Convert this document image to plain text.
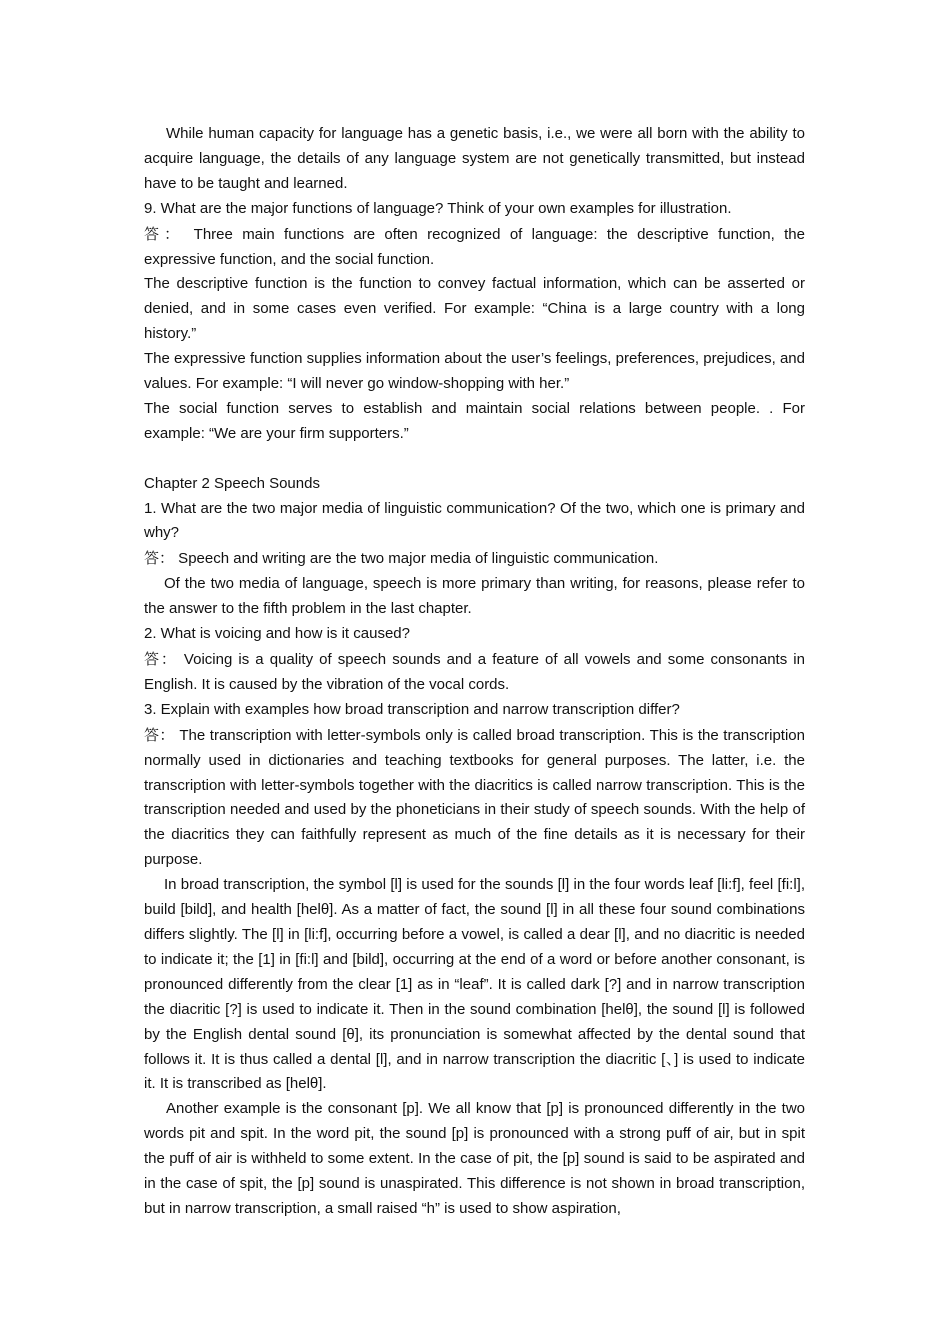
While human capacity for language has a genetic basis, i.e., we were all born with the ability to acquire language, the details of any language system are not genetically transmitted, but instead have to be taught and learned.

9. What are the major functions of language? Think of your own examples for illustration.

答： Three main functions are often recognized of language: the descriptive function, the expressive function, and the social function.

The descriptive function is the function to convey factual information, which can be asserted or denied, and in some cases even verified. For example: “China is a large country with a long history.”

The expressive function supplies information about the user’s feelings, preferences, prejudices, and values. For example: “I will never go window-shopping with her.”

The social function serves to establish and maintain social relations between people. . For example: “We are your firm supporters.”

Chapter 2 Speech Sounds

1. What are the two major media of linguistic communication? Of the two, which one is primary and why?

答： Speech and writing are the two major media of linguistic communication.

Of the two media of language, speech is more primary than writing, for reasons, please refer to the answer to the fifth problem in the last chapter.

2. What is voicing and how is it caused?

答： Voicing is a quality of speech sounds and a feature of all vowels and some consonants in English. It is caused by the vibration of the vocal cords.

3. Explain with examples how broad transcription and narrow transcription differ?

答： The transcription with letter-symbols only is called broad transcription. This is the transcription normally used in dictionaries and teaching textbooks for general purposes. The latter, i.e. the transcription with letter-symbols together with the diacritics is called narrow transcription. This is the transcription needed and used by the phoneticians in their study of speech sounds. With the help of the diacritics they can faithfully represent as much of the fine details as it is necessary for their purpose.

In broad transcription, the symbol [l] is used for the sounds [l] in the four words leaf [li:f], feel [fi:l], build [bild], and health [helθ]. As a matter of fact, the sound [l] in all these four sound combinations differs slightly. The [l] in [li:f], occurring before a vowel, is called a dear [l], and no diacritic is needed to indicate it; the [1] in [fi:l] and [bild], occurring at the end of a word or before another consonant, is pronounced differently from the clear [1] as in “leaf”. It is called dark [?] and in narrow transcription the diacritic [?] is used to indicate it. Then in the sound combination [helθ], the sound [l] is followed by the English dental sound [θ], its pronunciation is somewhat affected by the dental sound that follows it. It is thus called a dental [l], and in narrow transcription the diacritic [、] is used to indicate it. It is transcribed as [helθ].

Another example is the consonant [p]. We all know that [p] is pronounced differently in the two words pit and spit. In the word pit, the sound [p] is pronounced with a strong puff of air, but in spit the puff of air is withheld to some extent. In the case of pit, the [p] sound is said to be aspirated and in the case of spit, the [p] sound is unaspirated. This difference is not shown in broad transcription, but in narrow transcription, a small raised “h” is used to show aspiration,
